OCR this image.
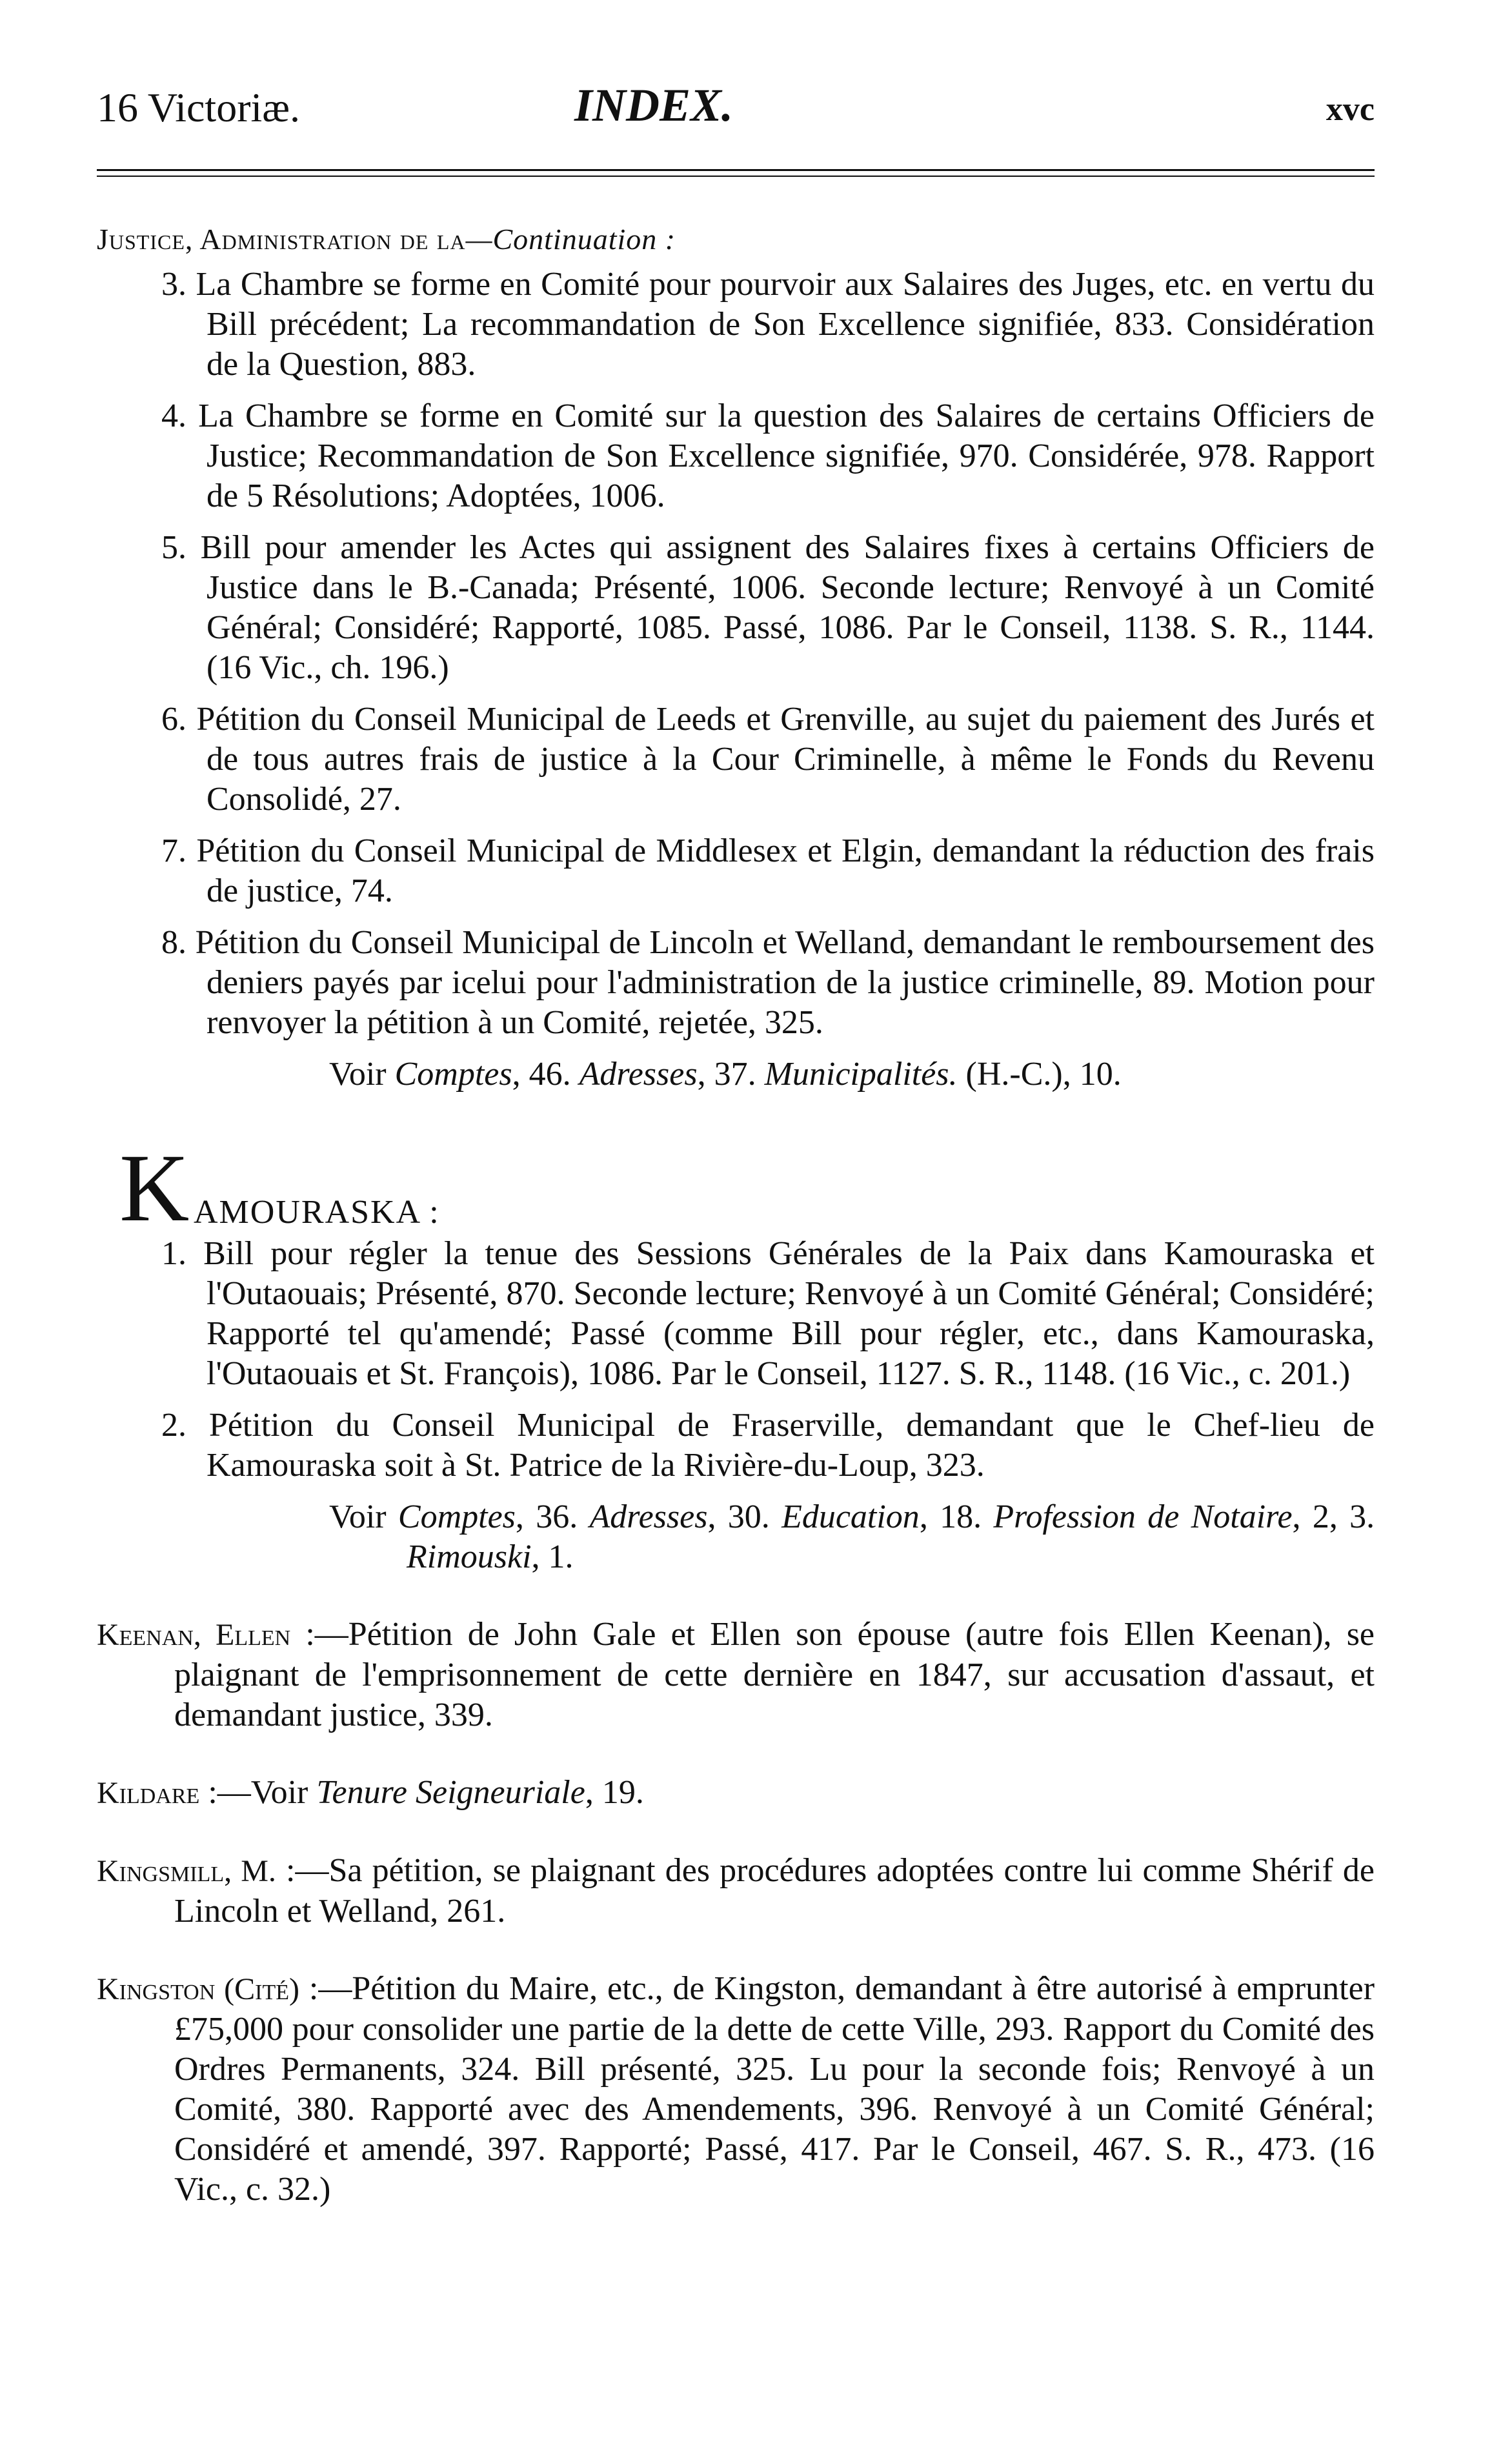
16 Victoriæ.	INDEX.	xvc
Justice, Administration de la—Continuation :
3. La Chambre se forme en Comité pour pourvoir aux Salaires des Juges, etc. en vertu du Bill précédent; La recommandation de Son Excellence signifiée, 833. Considération de la Question, 883.
4. La Chambre se forme en Comité sur la question des Salaires de certains Officiers de Justice; Recommandation de Son Excellence signifiée, 970. Considérée, 978. Rapport de 5 Résolutions; Adoptées, 1006.
5. Bill pour amender les Actes qui assignent des Salaires fixes à certains Officiers de Justice dans le B.-Canada; Présenté, 1006. Seconde lecture; Renvoyé à un Comité Général; Considéré; Rapporté, 1085. Passé, 1086. Par le Conseil, 1138. S. R., 1144. (16 Vic., ch. 196.)
6. Pétition du Conseil Municipal de Leeds et Grenville, au sujet du paiement des Jurés et de tous autres frais de justice à la Cour Criminelle, à même le Fonds du Revenu Consolidé, 27.
7. Pétition du Conseil Municipal de Middlesex et Elgin, demandant la réduction des frais de justice, 74.
8. Pétition du Conseil Municipal de Lincoln et Welland, demandant le remboursement des deniers payés par icelui pour l'administration de la justice criminelle, 89. Motion pour renvoyer la pétition à un Comité, rejetée, 325.
Voir Comptes, 46. Adresses, 37. Municipalités. (H.-C.), 10.
K AMOURASKA :
1. Bill pour régler la tenue des Sessions Générales de la Paix dans Kamouraska et l'Outaouais; Présenté, 870. Seconde lecture; Renvoyé à un Comité Général; Considéré; Rapporté tel qu'amendé; Passé (comme Bill pour régler, etc., dans Kamouraska, l'Outaouais et St. François), 1086. Par le Conseil, 1127. S. R., 1148. (16 Vic., c. 201.)
2. Pétition du Conseil Municipal de Fraserville, demandant que le Chef-lieu de Kamouraska soit à St. Patrice de la Rivière-du-Loup, 323.
Voir Comptes, 36. Adresses, 30. Education, 18. Profession de Notaire, 2, 3. Rimouski, 1.
Keenan, Ellen :—Pétition de John Gale et Ellen son épouse (autre fois Ellen Keenan), se plaignant de l'emprisonnement de cette dernière en 1847, sur accusation d'assaut, et demandant justice, 339.
Kildare :—Voir Tenure Seigneuriale, 19.
Kingsmill, M. :—Sa pétition, se plaignant des procédures adoptées contre lui comme Shérif de Lincoln et Welland, 261.
Kingston (Cité) :—Pétition du Maire, etc., de Kingston, demandant à être autorisé à emprunter £75,000 pour consolider une partie de la dette de cette Ville, 293. Rapport du Comité des Ordres Permanents, 324. Bill présenté, 325. Lu pour la seconde fois; Renvoyé à un Comité, 380. Rapporté avec des Amendements, 396. Renvoyé à un Comité Général; Considéré et amendé, 397. Rapporté; Passé, 417. Par le Conseil, 467. S. R., 473. (16 Vic., c. 32.)
